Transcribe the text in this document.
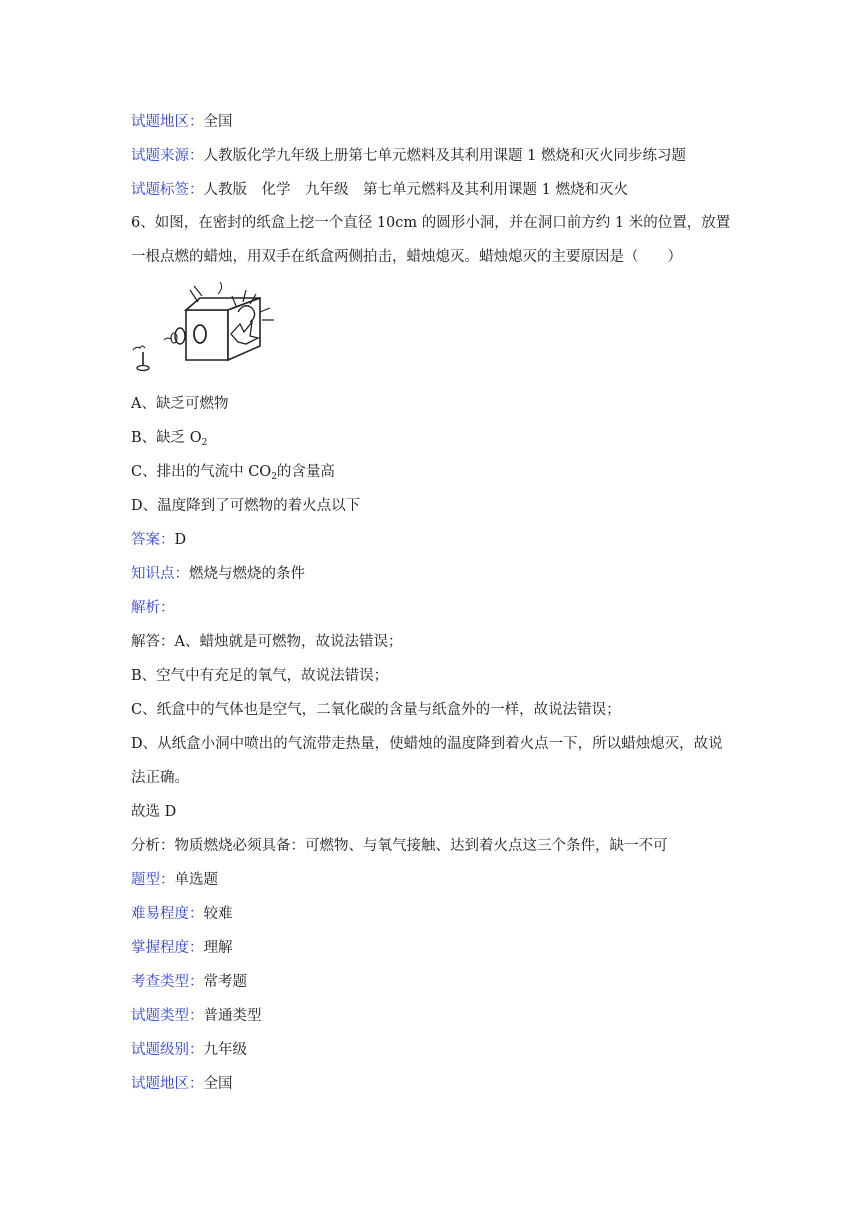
试题地区：全国
试题来源：人教版化学九年级上册第七单元燃料及其利用课题 1 燃烧和灭火同步练习题
试题标签：人教版　化学　九年级　第七单元燃料及其利用课题 1 燃烧和灭火
6、如图，在密封的纸盒上挖一个直径 10cm 的圆形小洞，并在洞口前方约 1 米的位置，放置一根点燃的蜡烛，用双手在纸盒两侧拍击，蜡烛熄灭。蜡烛熄灭的主要原因是（　　）
A、缺乏可燃物
B、缺乏 $O_2$
C、排出的气流中 $CO_2$的含量高
D、温度降到了可燃物的着火点以下
答案：D
知识点：燃烧与燃烧的条件
解析：
解答：A、蜡烛就是可燃物，故说法错误；
B、空气中有充足的氧气，故说法错误；
C、纸盒中的气体也是空气，二氧化碳的含量与纸盒外的一样，故说法错误；
D、从纸盒小洞中喷出的气流带走热量，使蜡烛的温度降到着火点一下，所以蜡烛熄灭，故说法正确。
故选 D
分析：物质燃烧必须具备：可燃物、与氧气接触、达到着火点这三个条件，缺一不可
题型：单选题
难易程度：较难
掌握程度：理解
考查类型：常考题
试题类型：普通类型
试题级别：九年级
试题地区：全国
